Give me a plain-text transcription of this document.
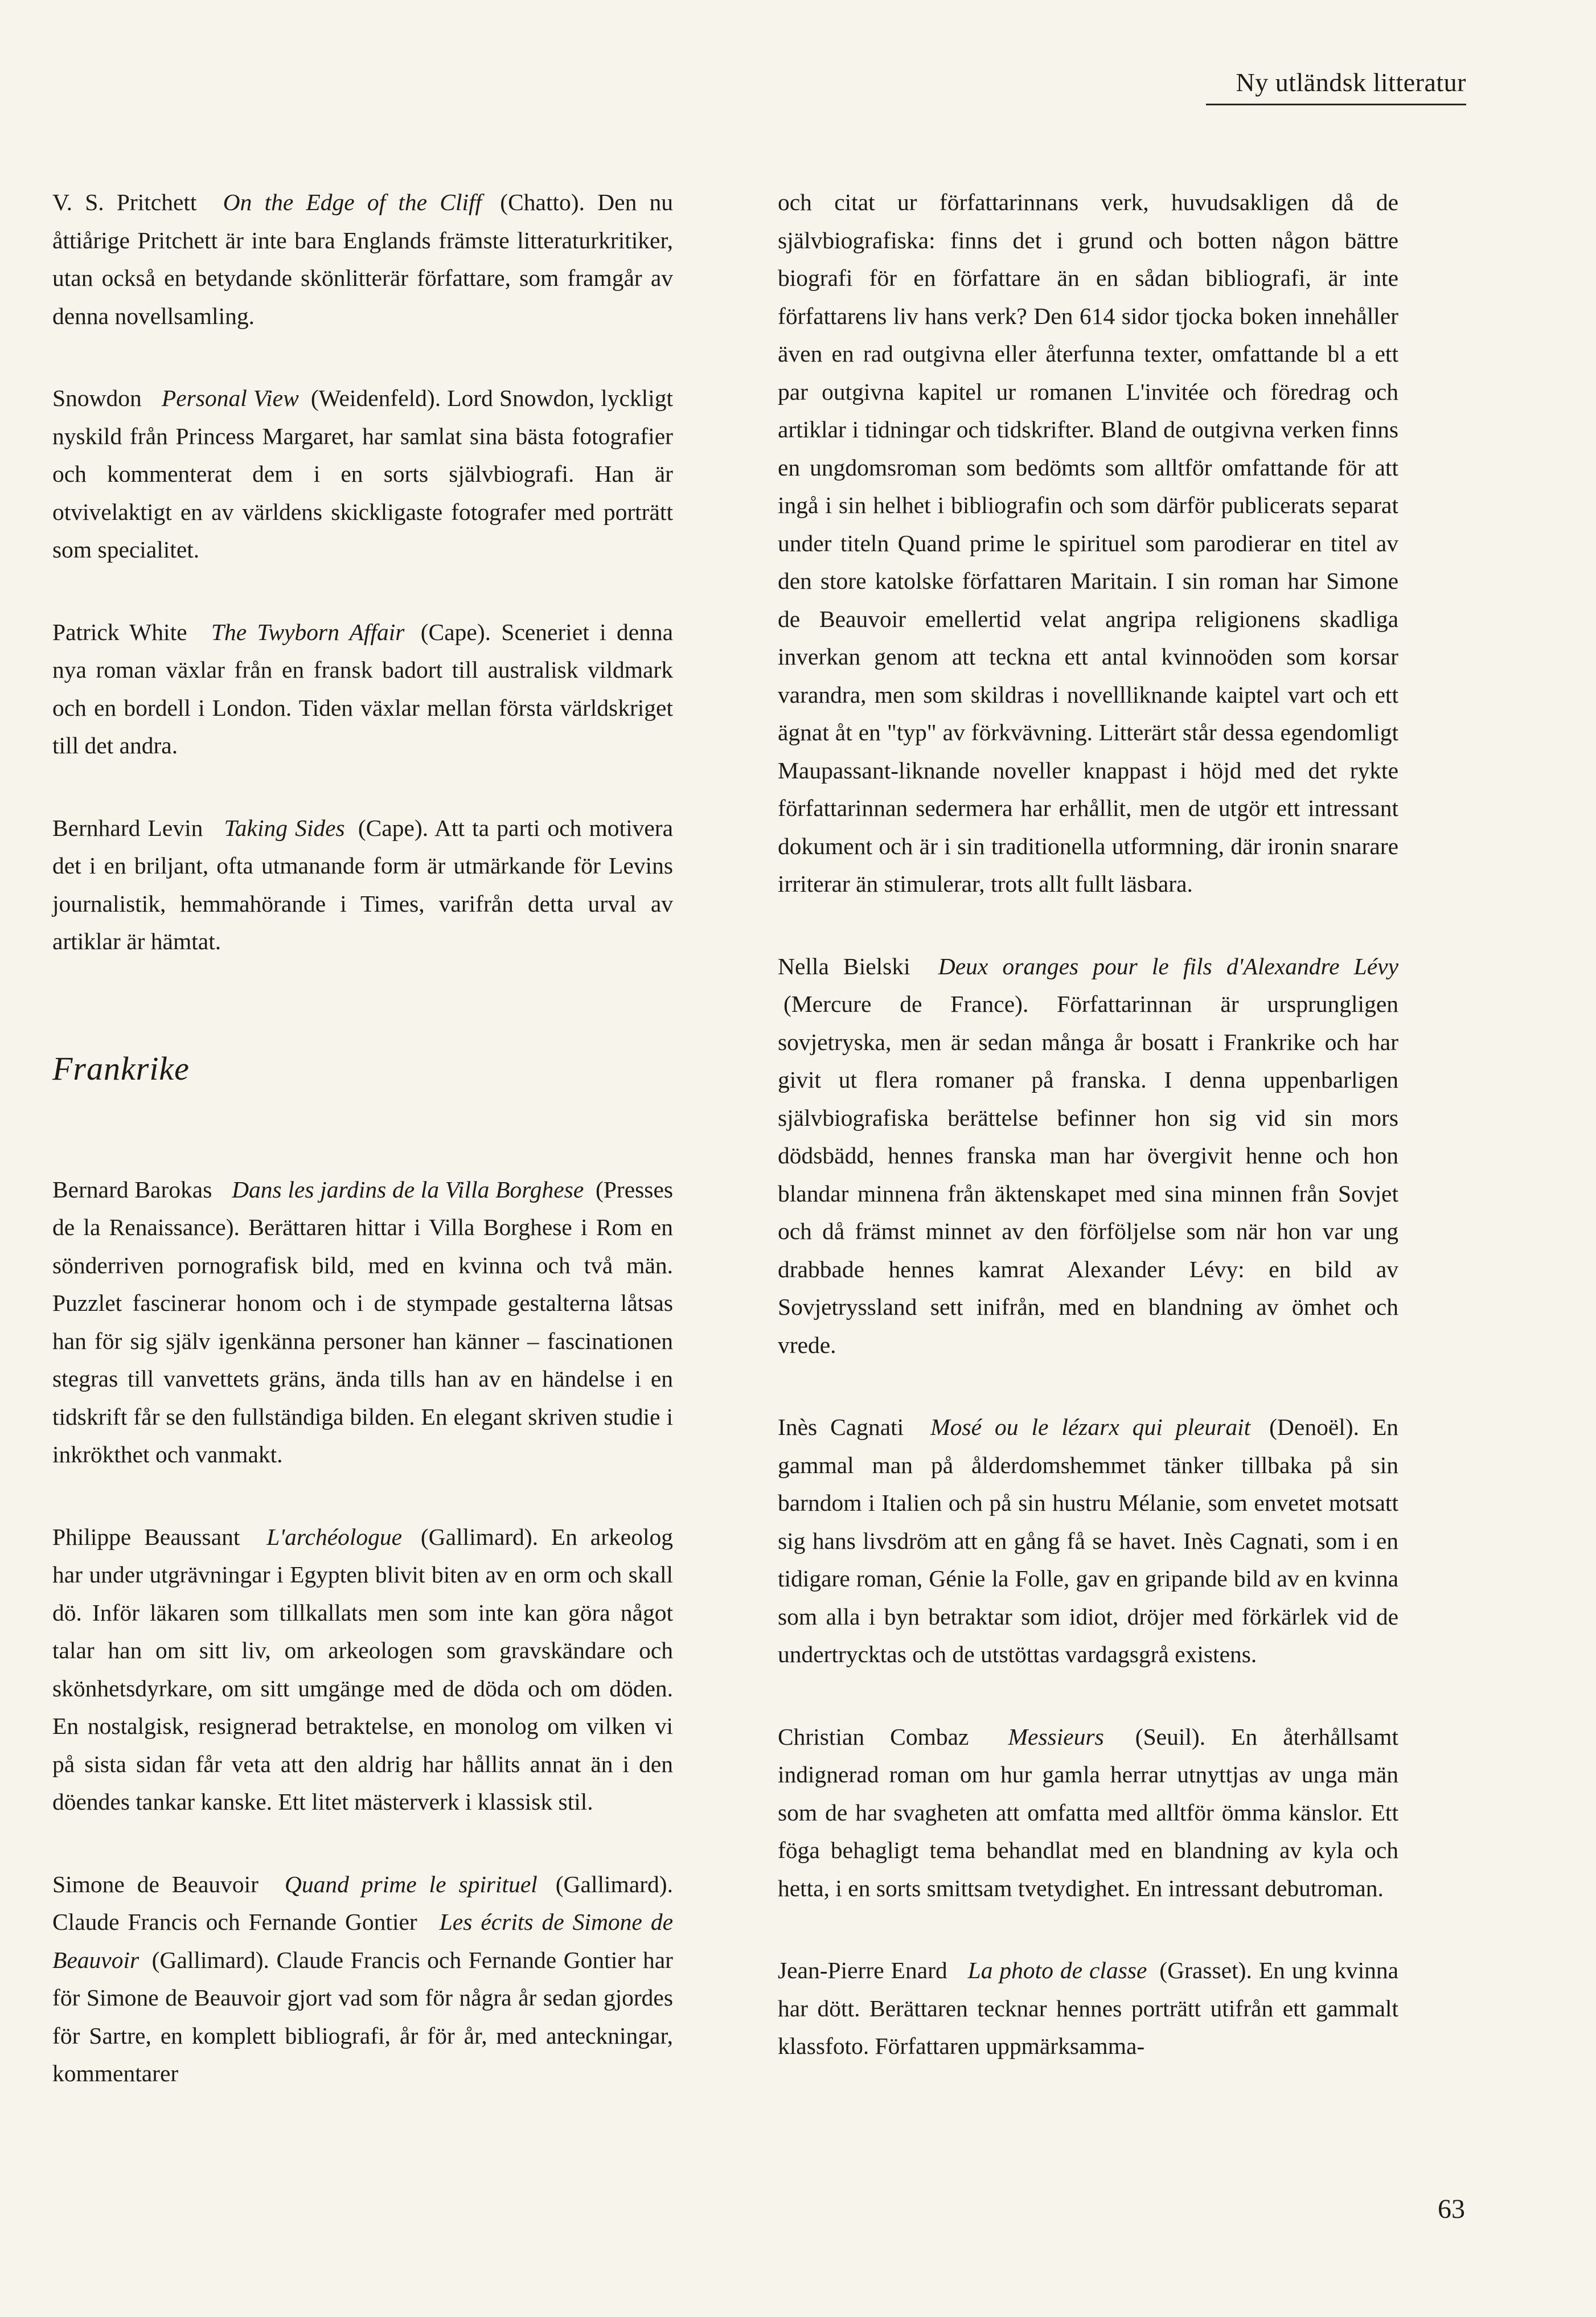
Ny utländsk litteratur

V. S. Pritchett On the Edge of the Cliff (Chatto). Den nu åttiårige Pritchett är inte bara Englands främste litteraturkritiker, utan också en betydande skönlitterär författare, som framgår av denna novellsamling.

Snowdon Personal View (Weidenfeld). Lord Snowdon, lyckligt nyskild från Princess Margaret, har samlat sina bästa fotografier och kommenterat dem i en sorts självbiografi. Han är otvivelaktigt en av världens skickligaste fotografer med porträtt som specialitet.

Patrick White The Twyborn Affair (Cape). Sceneriet i denna nya roman växlar från en fransk badort till australisk vildmark och en bordell i London. Tiden växlar mellan första världskriget till det andra.

Bernhard Levin Taking Sides (Cape). Att ta parti och motivera det i en briljant, ofta utmanande form är utmärkande för Levins journalistik, hemmahörande i Times, varifrån detta urval av artiklar är hämtat.

Frankrike

Bernard Barokas Dans les jardins de la Villa Borghese (Presses de la Renaissance). Berättaren hittar i Villa Borghese i Rom en sönderriven pornografisk bild, med en kvinna och två män. Puzzlet fascinerar honom och i de stympade gestalterna låtsas han för sig själv igenkänna personer han känner – fascinationen stegras till vanvettets gräns, ända tills han av en händelse i en tidskrift får se den fullständiga bilden. En elegant skriven studie i inkrökthet och vanmakt.

Philippe Beaussant L'archéologue (Gallimard). En arkeolog har under utgrävningar i Egypten blivit biten av en orm och skall dö. Inför läkaren som tillkallats men som inte kan göra något talar han om sitt liv, om arkeologen som gravskändare och skönhetsdyrkare, om sitt umgänge med de döda och om döden. En nostalgisk, resignerad betraktelse, en monolog om vilken vi på sista sidan får veta att den aldrig har hållits annat än i den döendes tankar kanske. Ett litet mästerverk i klassisk stil.

Simone de Beauvoir Quand prime le spirituel (Gallimard). Claude Francis och Fernande Gontier Les écrits de Simone de Beauvoir (Gallimard). Claude Francis och Fernande Gontier har för Simone de Beauvoir gjort vad som för några år sedan gjordes för Sartre, en komplett bibliografi, år för år, med anteckningar, kommentarer

och citat ur författarinnans verk, huvudsakligen då de självbiografiska: finns det i grund och botten någon bättre biografi för en författare än en sådan bibliografi, är inte författarens liv hans verk? Den 614 sidor tjocka boken innehåller även en rad outgivna eller återfunna texter, omfattande bl a ett par outgivna kapitel ur romanen L'invitée och föredrag och artiklar i tidningar och tidskrifter. Bland de outgivna verken finns en ungdomsroman som bedömts som alltför omfattande för att ingå i sin helhet i bibliografin och som därför publicerats separat under titeln Quand prime le spirituel som parodierar en titel av den store katolske författaren Maritain. I sin roman har Simone de Beauvoir emellertid velat angripa religionens skadliga inverkan genom att teckna ett antal kvinnoöden som korsar varandra, men som skildras i novellliknande kaiptel vart och ett ägnat åt en "typ" av förkvävning. Litterärt står dessa egendomligt Maupassant-liknande noveller knappast i höjd med det rykte författarinnan sedermera har erhållit, men de utgör ett intressant dokument och är i sin traditionella utformning, där ironin snarare irriterar än stimulerar, trots allt fullt läsbara.

Nella Bielski Deux oranges pour le fils d'Alexandre Lévy (Mercure de France). Författarinnan är ursprungligen sovjetryska, men är sedan många år bosatt i Frankrike och har givit ut flera romaner på franska. I denna uppenbarligen självbiografiska berättelse befinner hon sig vid sin mors dödsbädd, hennes franska man har övergivit henne och hon blandar minnena från äktenskapet med sina minnen från Sovjet och då främst minnet av den förföljelse som när hon var ung drabbade hennes kamrat Alexander Lévy: en bild av Sovjetryssland sett inifrån, med en blandning av ömhet och vrede.

Inès Cagnati Mosé ou le lézarx qui pleurait (Denoël). En gammal man på ålderdomshemmet tänker tillbaka på sin barndom i Italien och på sin hustru Mélanie, som envetet motsatt sig hans livsdröm att en gång få se havet. Inès Cagnati, som i en tidigare roman, Génie la Folle, gav en gripande bild av en kvinna som alla i byn betraktar som idiot, dröjer med förkärlek vid de undertrycktas och de utstöttas vardagsgrå existens.

Christian Combaz Messieurs (Seuil). En återhållsamt indignerad roman om hur gamla herrar utnyttjas av unga män som de har svagheten att omfatta med alltför ömma känslor. Ett föga behagligt tema behandlat med en blandning av kyla och hetta, i en sorts smittsam tvetydighet. En intressant debutroman.

Jean-Pierre Enard La photo de classe (Grasset). En ung kvinna har dött. Berättaren tecknar hennes porträtt utifrån ett gammalt klassfoto. Författaren uppmärksamma-

63
